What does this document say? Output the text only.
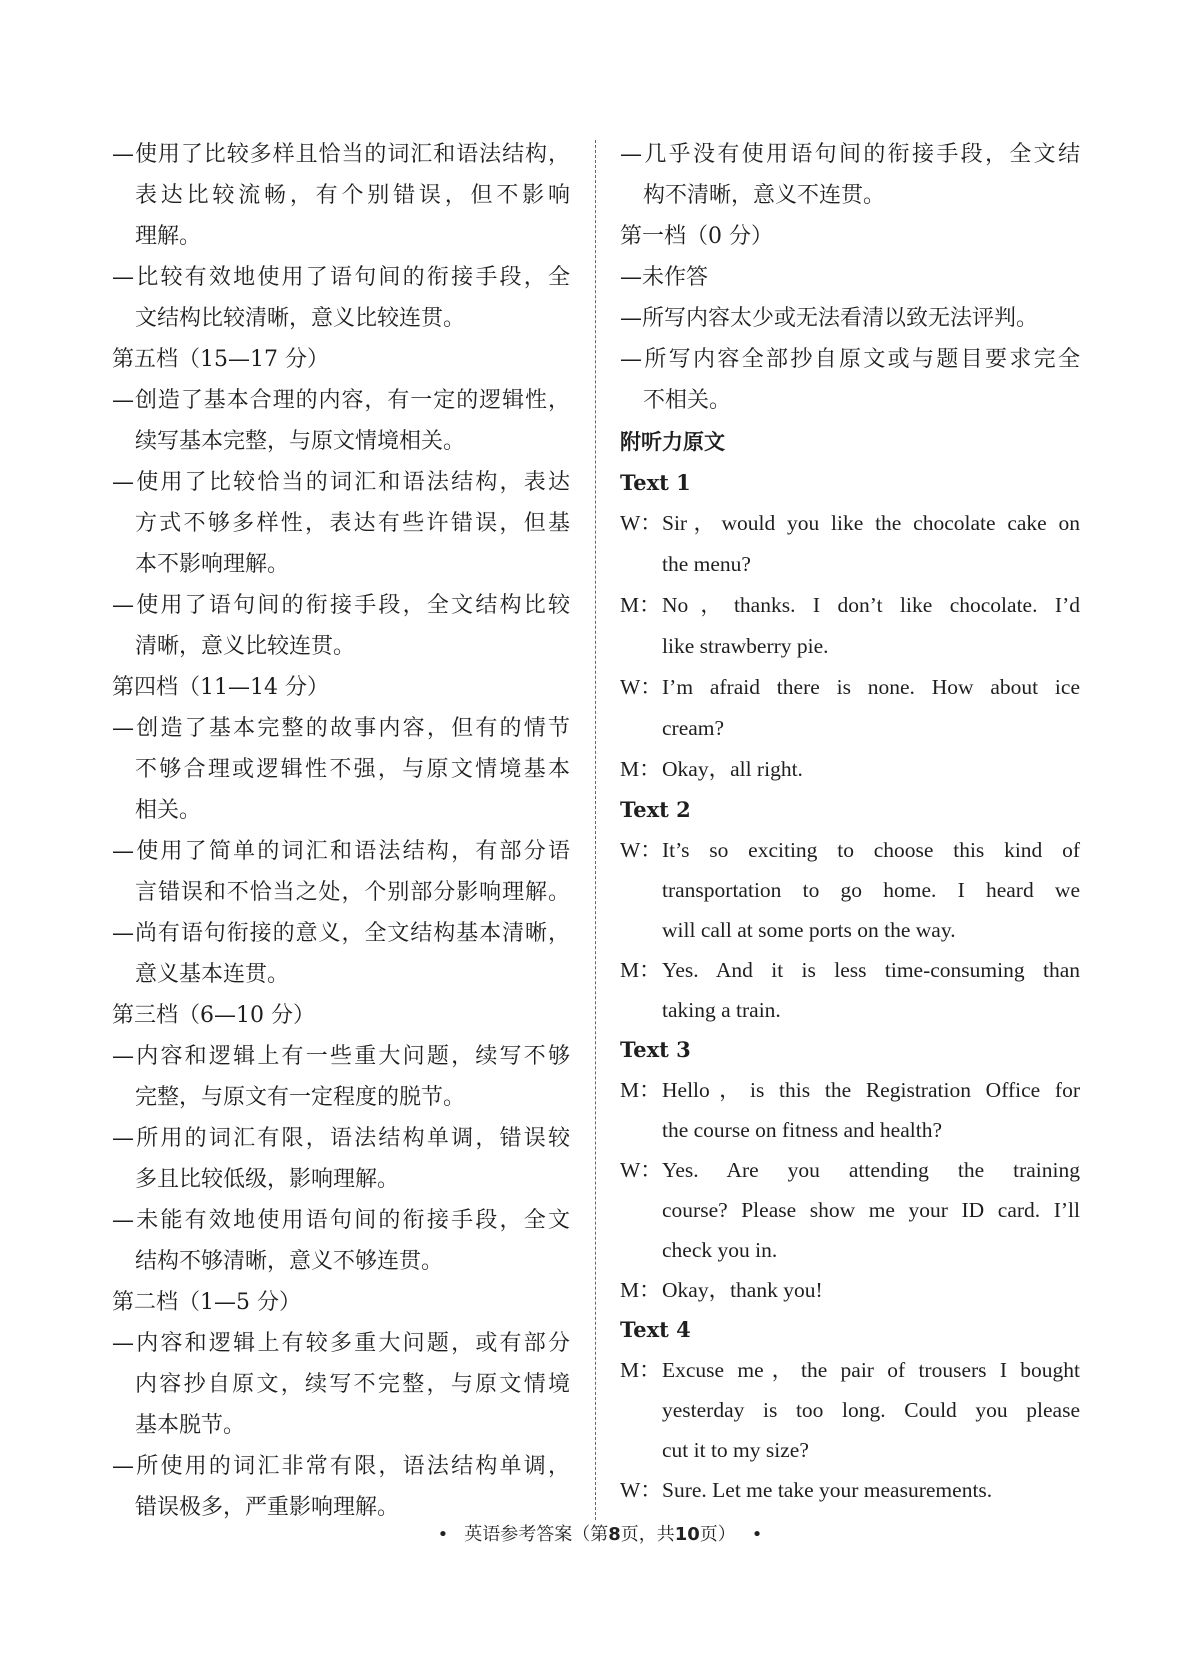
—使用了比较多样且恰当的词汇和语法结构，
表达比较流畅，有个别错误，但不影响
理解。
—比较有效地使用了语句间的衔接手段，全
文结构比较清晰，意义比较连贯。
第五档（15—17 分）
—创造了基本合理的内容，有一定的逻辑性，
续写基本完整，与原文情境相关。
—使用了比较恰当的词汇和语法结构，表达
方式不够多样性，表达有些许错误，但基
本不影响理解。
—使用了语句间的衔接手段，全文结构比较
清晰，意义比较连贯。
第四档（11—14 分）
—创造了基本完整的故事内容，但有的情节
不够合理或逻辑性不强，与原文情境基本
相关。
—使用了简单的词汇和语法结构，有部分语
言错误和不恰当之处，个别部分影响理解。
—尚有语句衔接的意义，全文结构基本清晰，
意义基本连贯。
第三档（6—10 分）
—内容和逻辑上有一些重大问题，续写不够
完整，与原文有一定程度的脱节。
—所用的词汇有限，语法结构单调，错误较
多且比较低级，影响理解。
—未能有效地使用语句间的衔接手段，全文
结构不够清晰，意义不够连贯。
第二档（1—5 分）
—内容和逻辑上有较多重大问题，或有部分
内容抄自原文，续写不完整，与原文情境
基本脱节。
—所使用的词汇非常有限，语法结构单调，
错误极多，严重影响理解。
—几乎没有使用语句间的衔接手段，全文结
构不清晰，意义不连贯。
第一档（0 分）
—未作答
—所写内容太少或无法看清以致无法评判。
—所写内容全部抄自原文或与题目要求完全
不相关。
附听力原文
Text 1
W： Sir，would you like the chocolate cake on
the menu?
M： No，thanks. I don’t like chocolate. I’d
like strawberry pie.
W： I’m afraid there is none. How about ice
cream?
M： Okay，all right.
Text 2
W： It’s so exciting to choose this kind of
transportation to go home. I heard we
will call at some ports on the way.
M： Yes. And it is less time-consuming than
taking a train.
Text 3
M： Hello，is this the Registration Office for
the course on fitness and health?
W： Yes. Are you attending the training
course? Please show me your ID card. I’ll
check you in.
M： Okay，thank you!
Text 4
M： Excuse me，the pair of trousers I bought
yesterday is too long. Could you please
cut it to my size?
W： Sure. Let me take your measurements.
• 英语参考答案（第8页，共10页） •
